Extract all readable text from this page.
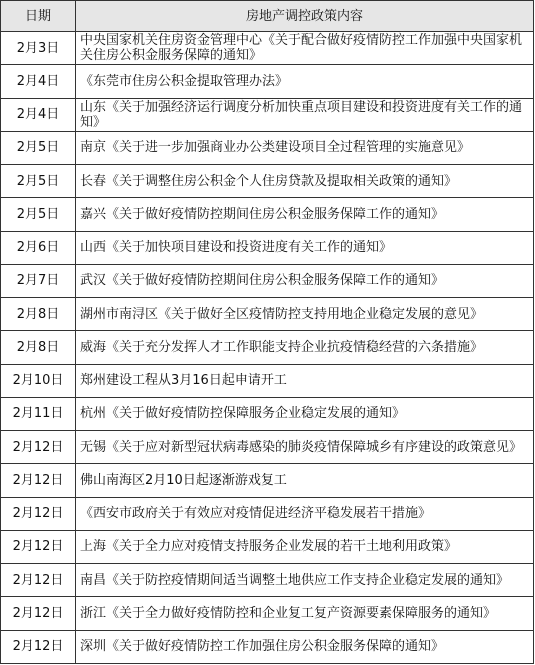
日期	房地产调控政策内容
2月3日	中央国家机关住房资金管理中心《关于配合做好疫情防控工作加强中央国家机关住房公积金服务保障的通知》
2月4日	《东莞市住房公积金提取管理办法》
2月4日	山东《关于加强经济运行调度分析加快重点项目建设和投资进度有关工作的通知》
2月5日	南京《关于进一步加强商业办公类建设项目全过程管理的实施意见》
2月5日	长春《关于调整住房公积金个人住房贷款及提取相关政策的通知》
2月5日	嘉兴《关于做好疫情防控期间住房公积金服务保障工作的通知》
2月6日	山西《关于加快项目建设和投资进度有关工作的通知》
2月7日	武汉《关于做好疫情防控期间住房公积金服务保障工作的通知》
2月8日	湖州市南浔区《关于做好全区疫情防控支持用地企业稳定发展的意见》
2月8日	威海《关于充分发挥人才工作职能支持企业抗疫情稳经营的六条措施》
2月10日	郑州建设工程从3月16日起申请开工
2月11日	杭州《关于做好疫情防控保障服务企业稳定发展的通知》
2月12日	无锡《关于应对新型冠状病毒感染的肺炎疫情保障城乡有序建设的政策意见》
2月12日	佛山南海区2月10日起逐渐游戏复工
2月12日	《西安市政府关于有效应对疫情促进经济平稳发展若干措施》
2月12日	上海《关于全力应对疫情支持服务企业发展的若干土地利用政策》
2月12日	南昌《关于防控疫情期间适当调整土地供应工作支持企业稳定发展的通知》
2月12日	浙江《关于全力做好疫情防控和企业复工复产资源要素保障服务的通知》
2月12日	深圳《关于做好疫情防控工作加强住房公积金服务保障的通知》
